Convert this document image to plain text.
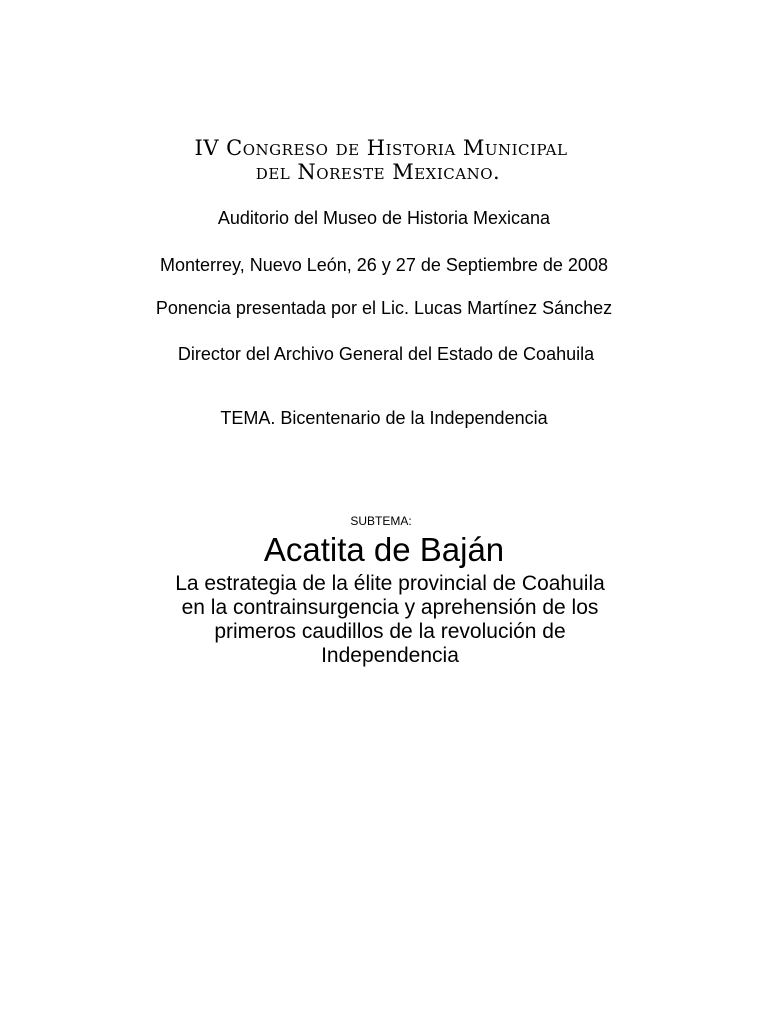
IV Congreso de Historia Municipal
del Noreste Mexicano.
Auditorio del Museo de Historia Mexicana
Monterrey, Nuevo León, 26 y 27 de Septiembre de 2008
Ponencia presentada por el Lic. Lucas Martínez Sánchez
Director del Archivo General del Estado de Coahuila
TEMA. Bicentenario de la Independencia
SUBTEMA:
Acatita de Baján
La estrategia de la élite provincial de Coahuila
en la contrainsurgencia y aprehensión de los
primeros caudillos de la revolución de
Independencia
